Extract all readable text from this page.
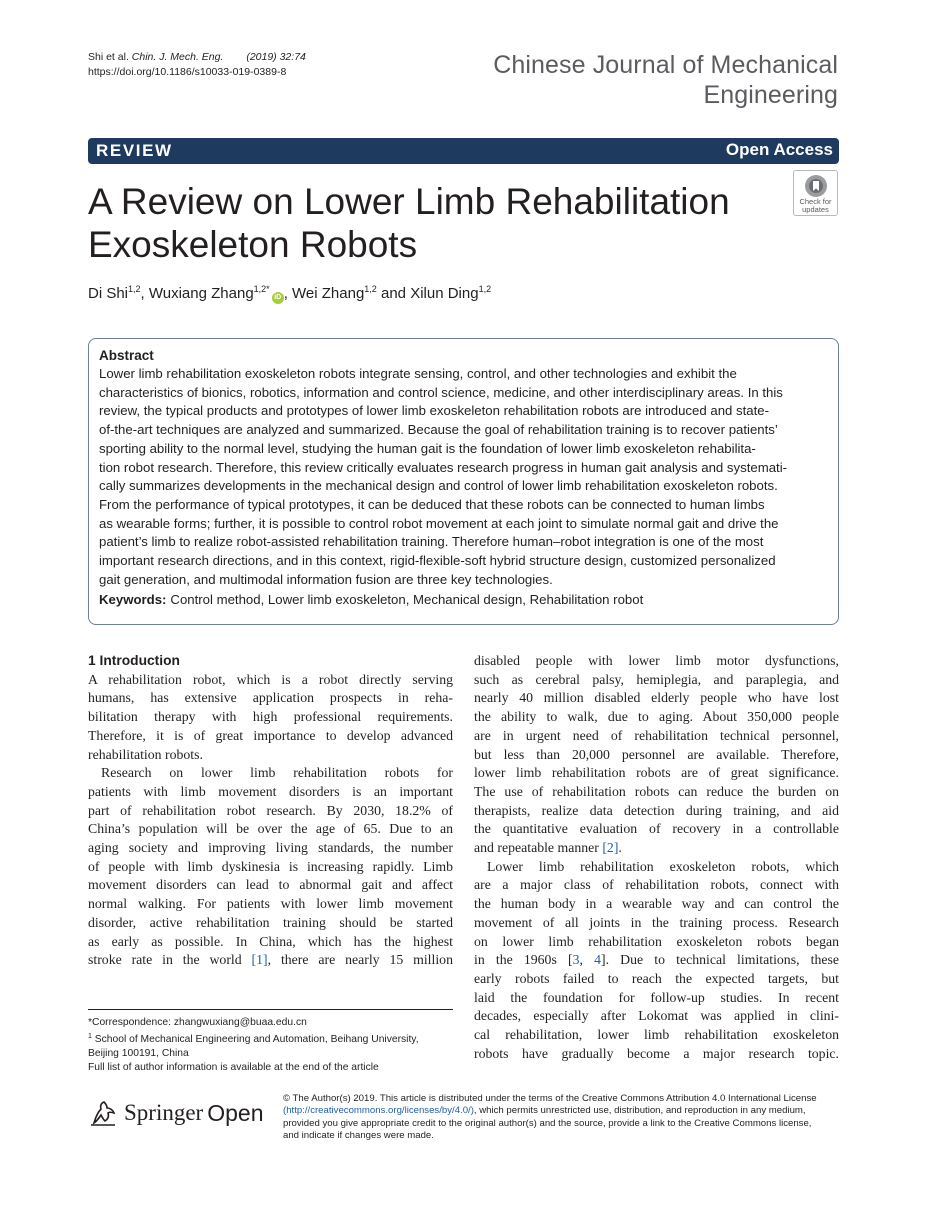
Shi et al. Chin. J. Mech. Eng. (2019) 32:74
https://doi.org/10.1186/s10033-019-0389-8	Chinese Journal of Mechanical
Engineering
REVIEW	Open Access
A Review on Lower Limb Rehabilitation
Exoskeleton Robots
Check for
updates
Di Shi$^{1,2}$, Wuxiang Zhang$^{1,2*}$iD , Wei Zhang$^{1,2}$ and Xilun Ding$^{1,2}$
Abstract
Lower limb rehabilitation exoskeleton robots integrate sensing, control, and other technologies and exhibit the
characteristics of bionics, robotics, information and control science, medicine, and other interdisciplinary areas. In this
review, the typical products and prototypes of lower limb exoskeleton rehabilitation robots are introduced and state-
of-the-art techniques are analyzed and summarized. Because the goal of rehabilitation training is to recover patients’
sporting ability to the normal level, studying the human gait is the foundation of lower limb exoskeleton rehabilita-
tion robot research. Therefore, this review critically evaluates research progress in human gait analysis and systemati-
cally summarizes developments in the mechanical design and control of lower limb rehabilitation exoskeleton robots.
From the performance of typical prototypes, it can be deduced that these robots can be connected to human limbs
as wearable forms; further, it is possible to control robot movement at each joint to simulate normal gait and drive the
patient’s limb to realize robot-assisted rehabilitation training. Therefore human–robot integration is one of the most
important research directions, and in this context, rigid-flexible-soft hybrid structure design, customized personalized
gait generation, and multimodal information fusion are three key technologies.
Keywords: Control method, Lower limb exoskeleton, Mechanical design, Rehabilitation robot
1 Introduction
A rehabilitation robot, which is a robot directly serving
humans, has extensive application prospects in reha-
bilitation therapy with high professional requirements.
Therefore, it is of great importance to develop advanced
rehabilitation robots.
Research on lower limb rehabilitation robots for
patients with limb movement disorders is an important
part of rehabilitation robot research. By 2030, 18.2% of
China’s population will be over the age of 65. Due to an
aging society and improving living standards, the number
of people with limb dyskinesia is increasing rapidly. Limb
movement disorders can lead to abnormal gait and affect
normal walking. For patients with lower limb movement
disorder, active rehabilitation training should be started
as early as possible. In China, which has the highest
stroke rate in the world [1], there are nearly 15 million
disabled people with lower limb motor dysfunctions,
such as cerebral palsy, hemiplegia, and paraplegia, and
nearly 40 million disabled elderly people who have lost
the ability to walk, due to aging. About 350,000 people
are in urgent need of rehabilitation technical personnel,
but less than 20,000 personnel are available. Therefore,
lower limb rehabilitation robots are of great significance.
The use of rehabilitation robots can reduce the burden on
therapists, realize data detection during training, and aid
the quantitative evaluation of recovery in a controllable
and repeatable manner [2].
Lower limb rehabilitation exoskeleton robots, which
are a major class of rehabilitation robots, connect with
the human body in a wearable way and can control the
movement of all joints in the training process. Research
on lower limb rehabilitation exoskeleton robots began
in the 1960s [3, 4]. Due to technical limitations, these
early robots failed to reach the expected targets, but
laid the foundation for follow-up studies. In recent
decades, especially after Lokomat was applied in clini-
cal rehabilitation, lower limb rehabilitation exoskeleton
robots have gradually become a major research topic.
*Correspondence: zhangwuxiang@buaa.edu.cn
$^1$ School of Mechanical Engineering and Automation, Beihang University,
Beijing 100191, China
Full list of author information is available at the end of the article
Springer Open
© The Author(s) 2019. This article is distributed under the terms of the Creative Commons Attribution 4.0 International License
(http://creativecommons.org/licenses/by/4.0/), which permits unrestricted use, distribution, and reproduction in any medium,
provided you give appropriate credit to the original author(s) and the source, provide a link to the Creative Commons license,
and indicate if changes were made.
